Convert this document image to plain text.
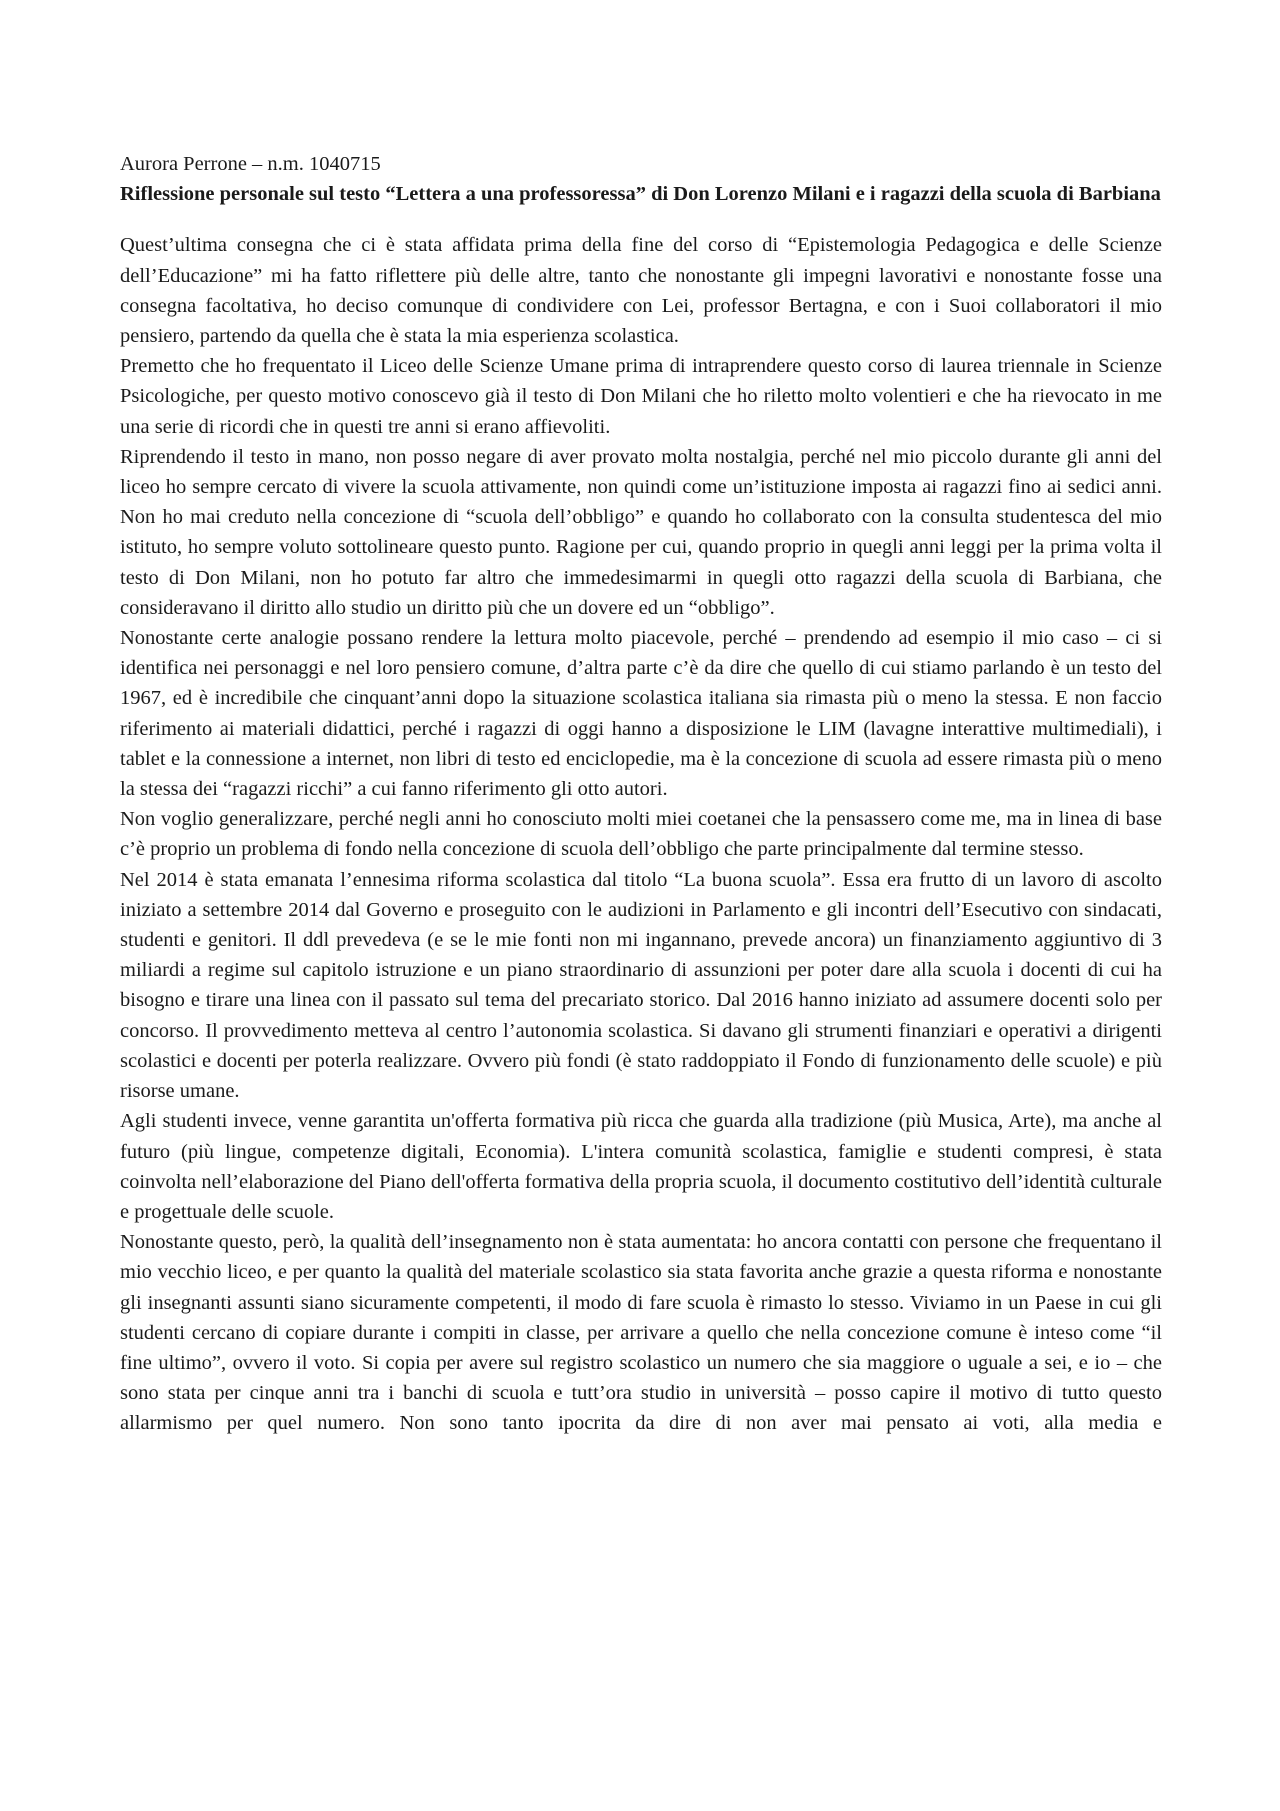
Aurora Perrone – n.m. 1040715

Riflessione personale sul testo “Lettera a una professoressa” di Don Lorenzo Milani e i ragazzi della scuola di Barbiana

Quest’ultima consegna che ci è stata affidata prima della fine del corso di “Epistemologia Pedagogica e delle Scienze dell’Educazione” mi ha fatto riflettere più delle altre, tanto che nonostante gli impegni lavorativi e nonostante fosse una consegna facoltativa, ho deciso comunque di condividere con Lei, professor Bertagna, e con i Suoi collaboratori il mio pensiero, partendo da quella che è stata la mia esperienza scolastica.

Premetto che ho frequentato il Liceo delle Scienze Umane prima di intraprendere questo corso di laurea triennale in Scienze Psicologiche, per questo motivo conoscevo già il testo di Don Milani che ho riletto molto volentieri e che ha rievocato in me una serie di ricordi che in questi tre anni si erano affievoliti.

Riprendendo il testo in mano, non posso negare di aver provato molta nostalgia, perché nel mio piccolo durante gli anni del liceo ho sempre cercato di vivere la scuola attivamente, non quindi come un’istituzione imposta ai ragazzi fino ai sedici anni. Non ho mai creduto nella concezione di “scuola dell’obbligo” e quando ho collaborato con la consulta studentesca del mio istituto, ho sempre voluto sottolineare questo punto. Ragione per cui, quando proprio in quegli anni leggi per la prima volta il testo di Don Milani, non ho potuto far altro che immedesimarmi in quegli otto ragazzi della scuola di Barbiana, che consideravano il diritto allo studio un diritto più che un dovere ed un “obbligo”.

Nonostante certe analogie possano rendere la lettura molto piacevole, perché – prendendo ad esempio il mio caso – ci si identifica nei personaggi e nel loro pensiero comune, d’altra parte c’è da dire che quello di cui stiamo parlando è un testo del 1967, ed è incredibile che cinquant’anni dopo la situazione scolastica italiana sia rimasta più o meno la stessa. E non faccio riferimento ai materiali didattici, perché i ragazzi di oggi hanno a disposizione le LIM (lavagne interattive multimediali), i tablet e la connessione a internet, non libri di testo ed enciclopedie, ma è la concezione di scuola ad essere rimasta più o meno la stessa dei “ragazzi ricchi” a cui fanno riferimento gli otto autori.

Non voglio generalizzare, perché negli anni ho conosciuto molti miei coetanei che la pensassero come me, ma in linea di base c’è proprio un problema di fondo nella concezione di scuola dell’obbligo che parte principalmente dal termine stesso.

Nel 2014 è stata emanata l’ennesima riforma scolastica dal titolo “La buona scuola”. Essa era frutto di un lavoro di ascolto iniziato a settembre 2014 dal Governo e proseguito con le audizioni in Parlamento e gli incontri dell’Esecutivo con sindacati, studenti e genitori. Il ddl prevedeva (e se le mie fonti non mi ingannano, prevede ancora) un finanziamento aggiuntivo di 3 miliardi a regime sul capitolo istruzione e un piano straordinario di assunzioni per poter dare alla scuola i docenti di cui ha bisogno e tirare una linea con il passato sul tema del precariato storico. Dal 2016 hanno iniziato ad assumere docenti solo per concorso. Il provvedimento metteva al centro l’autonomia scolastica. Si davano gli strumenti finanziari e operativi a dirigenti scolastici e docenti per poterla realizzare. Ovvero più fondi (è stato raddoppiato il Fondo di funzionamento delle scuole) e più risorse umane.

Agli studenti invece, venne garantita un'offerta formativa più ricca che guarda alla tradizione (più Musica, Arte), ma anche al futuro (più lingue, competenze digitali, Economia). L'intera comunità scolastica, famiglie e studenti compresi, è stata coinvolta nell’elaborazione del Piano dell'offerta formativa della propria scuola, il documento costitutivo dell’identità culturale e progettuale delle scuole.

Nonostante questo, però, la qualità dell’insegnamento non è stata aumentata: ho ancora contatti con persone che frequentano il mio vecchio liceo, e per quanto la qualità del materiale scolastico sia stata favorita anche grazie a questa riforma e nonostante gli insegnanti assunti siano sicuramente competenti, il modo di fare scuola è rimasto lo stesso. Viviamo in un Paese in cui gli studenti cercano di copiare durante i compiti in classe, per arrivare a quello che nella concezione comune è inteso come “il fine ultimo”, ovvero il voto. Si copia per avere sul registro scolastico un numero che sia maggiore o uguale a sei, e io – che sono stata per cinque anni tra i banchi di scuola e tutt’ora studio in università – posso capire il motivo di tutto questo allarmismo per quel numero. Non sono tanto ipocrita da dire di non aver mai pensato ai voti, alla media e
